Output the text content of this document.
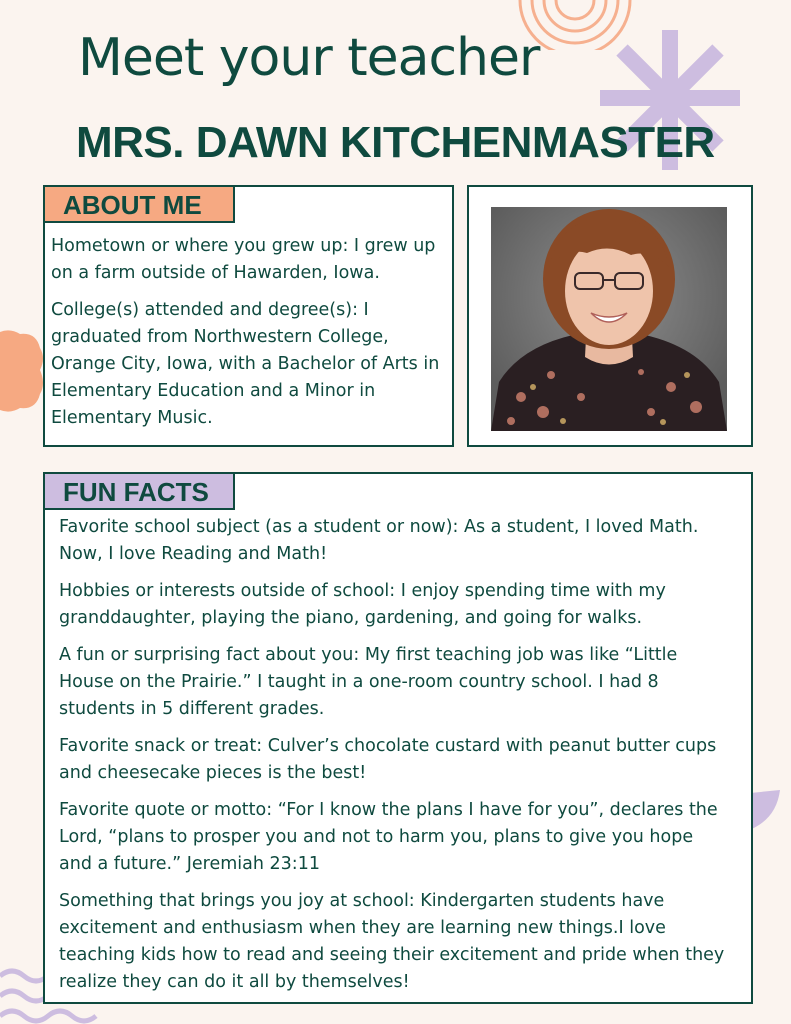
Meet your teacher
MRS. DAWN KITCHENMASTER
ABOUT ME

Hometown or where you grew up: I grew up on a farm outside of Hawarden, Iowa.

College(s) attended and degree(s): I graduated from Northwestern College, Orange City, Iowa, with a Bachelor of Arts in Elementary Education and a Minor in Elementary Music.

FUN FACTS

Favorite school subject (as a student or now): As a student, I loved Math. Now, I love Reading and Math!

Hobbies or interests outside of school: I enjoy spending time with my granddaughter, playing the piano, gardening, and going for walks.

A fun or surprising fact about you: My first teaching job was like “Little House on the Prairie.” I taught in a one-room country school. I had 8 students in 5 different grades.

Favorite snack or treat: Culver’s chocolate custard with peanut butter cups and cheesecake pieces is the best!

Favorite quote or motto: “For I know the plans I have for you”, declares the Lord, “plans to prosper you and not to harm you, plans to give you hope and a future.” Jeremiah 23:11

Something that brings you joy at school: Kindergarten students have excitement and enthusiasm when they are learning new things.I love teaching kids how to read and seeing their excitement and pride when they realize they can do it all by themselves!
